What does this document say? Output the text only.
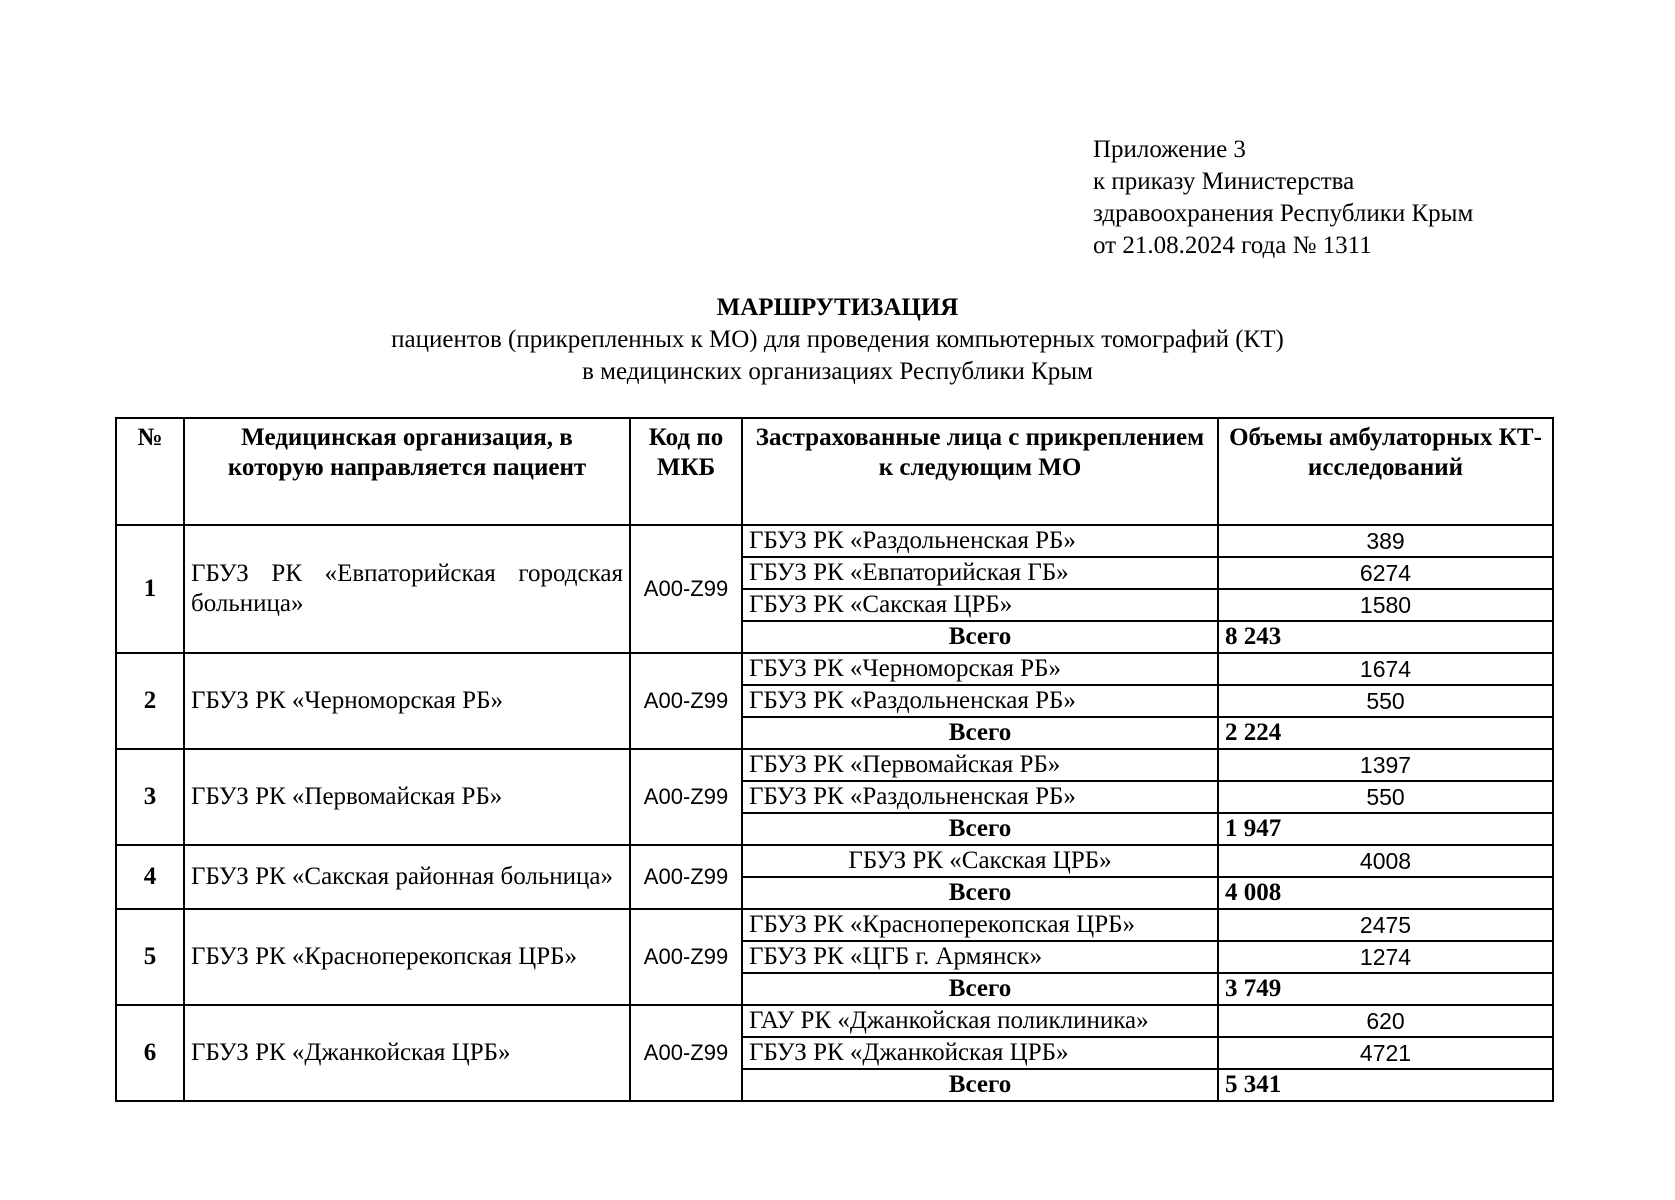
Приложение 3
к приказу Министерства
здравоохранения Республики Крым
от 21.08.2024 года № 1311
МАРШРУТИЗАЦИЯ
пациентов (прикрепленных к МО) для проведения компьютерных томографий (КТ)
в медицинских организациях Республики Крым
№	Медицинская организация, в которую направляется пациент	Код по МКБ	Застрахованные лица с прикреплением к следующим МО	Объемы амбулаторных КТ-исследований
1	ГБУЗ РК «Евпаторийская городская больница»	A00-Z99	ГБУЗ РК «Раздольненская РБ»	389
			ГБУЗ РК «Евпаторийская ГБ»	6274
			ГБУЗ РК «Сакская ЦРБ»	1580
			Всего	8 243
2	ГБУЗ РК «Черноморская РБ»	A00-Z99	ГБУЗ РК «Черноморская РБ»	1674
			ГБУЗ РК «Раздольненская РБ»	550
			Всего	2 224
3	ГБУЗ РК «Первомайская РБ»	A00-Z99	ГБУЗ РК «Первомайская РБ»	1397
			ГБУЗ РК «Раздольненская РБ»	550
			Всего	1 947
4	ГБУЗ РК «Сакская районная больница»	A00-Z99	ГБУЗ РК «Сакская ЦРБ»	4008
			Всего	4 008
5	ГБУЗ РК «Красноперекопская ЦРБ»	A00-Z99	ГБУЗ РК «Красноперекопская ЦРБ»	2475
			ГБУЗ РК «ЦГБ г. Армянск»	1274
			Всего	3 749
6	ГБУЗ РК «Джанкойская ЦРБ»	A00-Z99	ГАУ РК «Джанкойская поликлиника»	620
			ГБУЗ РК «Джанкойская ЦРБ»	4721
			Всего	5 341
